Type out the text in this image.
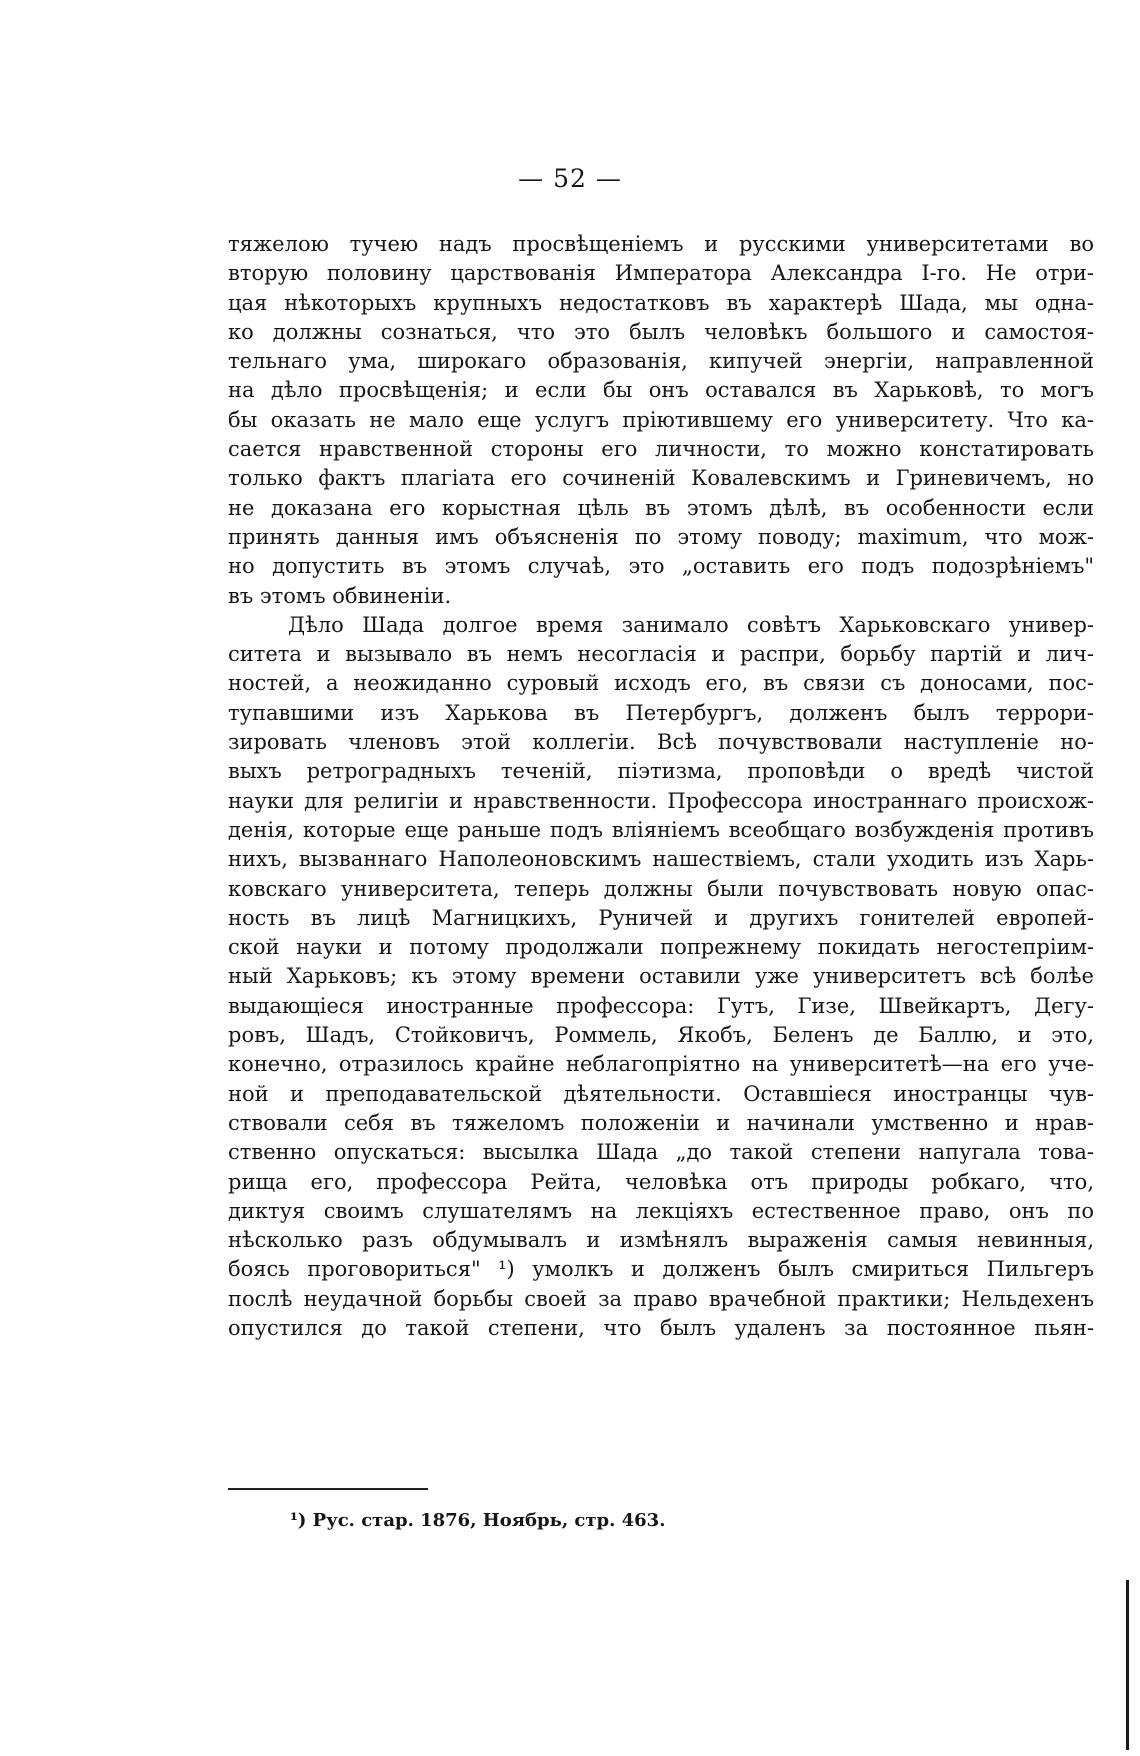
— 52 —
тяжелою тучею надъ просвѣщеніемъ и русскими университетами во
вторую половину царствованія Императора Александра I-го. Не отри-
цая нѣкоторыхъ крупныхъ недостатковъ въ характерѣ Шада, мы одна-
ко должны сознаться, что это былъ человѣкъ большого и самостоя-
тельнаго ума, широкаго образованія, кипучей энергіи, направленной
на дѣло просвѣщенія; и если бы онъ оставался въ Харьковѣ, то могъ
бы оказать не мало еще услугъ пріютившему его университету. Что ка-
сается нравственной стороны его личности, то можно констатировать
только фактъ плагіата его сочиненій Ковалевскимъ и Гриневичемъ, но
не доказана его корыстная цѣль въ этомъ дѣлѣ, въ особенности если
принять данныя имъ объясненія по этому поводу; maximum, что мож-
но допустить въ этомъ случаѣ, это „оставить его подъ подозрѣніемъ"
въ этомъ обвиненіи.
Дѣло Шада долгое время занимало совѣтъ Харьковскаго универ-
ситета и вызывало въ немъ несогласія и распри, борьбу партій и лич-
ностей, а неожиданно суровый исходъ его, въ связи съ доносами, пос-
тупавшими изъ Харькова въ Петербургъ, долженъ былъ террори-
зировать членовъ этой коллегіи. Всѣ почувствовали наступленіе но-
выхъ ретроградныхъ теченій, піэтизма, проповѣди о вредѣ чистой
науки для религіи и нравственности. Профессора иностраннаго происхож-
денія, которые еще раньше подъ вліяніемъ всеобщаго возбужденія противъ
нихъ, вызваннаго Наполеоновскимъ нашествіемъ, стали уходить изъ Харь-
ковскаго университета, теперь должны были почувствовать новую опас-
ность въ лицѣ Магницкихъ, Руничей и другихъ гонителей европей-
ской науки и потому продолжали попрежнему покидать негостепріим-
ный Харьковъ; къ этому времени оставили уже университетъ всѣ болѣе
выдающіеся иностранные профессора: Гутъ, Гизе, Швейкартъ, Дегу-
ровъ, Шадъ, Стойковичъ, Роммель, Якобъ, Беленъ де Баллю, и это,
конечно, отразилось крайне неблагопріятно на университетѣ—на его уче-
ной и преподавательской дѣятельности. Оставшіеся иностранцы чув-
ствовали себя въ тяжеломъ положеніи и начинали умственно и нрав-
ственно опускаться: высылка Шада „до такой степени напугала това-
рища его, профессора Рейта, человѣка отъ природы робкаго, что,
диктуя своимъ слушателямъ на лекціяхъ естественное право, онъ по
нѣсколько разъ обдумывалъ и измѣнялъ выраженія самыя невинныя,
боясь проговориться" ¹) умолкъ и долженъ былъ смириться Пильгеръ
послѣ неудачной борьбы своей за право врачебной практики; Нельдехенъ
опустился до такой степени, что былъ удаленъ за постоянное пьян-
¹) Рус. стар. 1876, Ноябрь, стр. 463.
